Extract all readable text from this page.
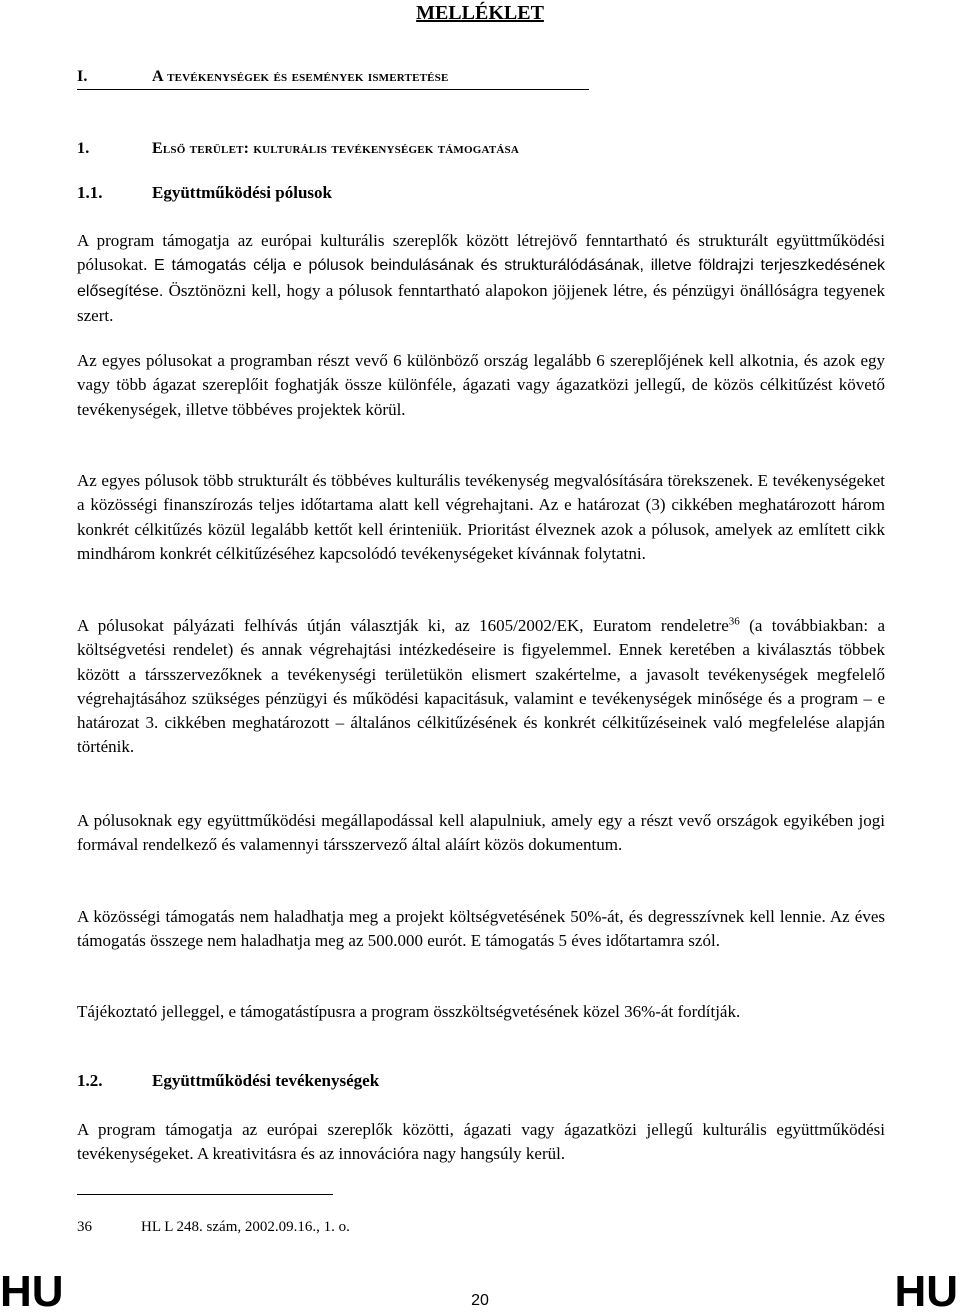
MELLÉKLET
I.	A tevékenységek és események ismertetése
1.	Első terület: kulturális tevékenységek támogatása
1.1.	Együttműködési pólusok

A program támogatja az európai kulturális szereplők között létrejövő fenntartható és strukturált együttműködési pólusokat. E támogatás célja e pólusok beindulásának és strukturálódásának, illetve földrajzi terjeszkedésének elősegítése. Ösztönözni kell, hogy a pólusok fenntartható alapokon jöjjenek létre, és pénzügyi önállóságra tegyenek szert.

Az egyes pólusokat a programban részt vevő 6 különböző ország legalább 6 szereplőjének kell alkotnia, és azok egy vagy több ágazat szereplőit foghatják össze különféle, ágazati vagy ágazatközi jellegű, de közös célkitűzést követő tevékenységek, illetve többéves projektek körül.

Az egyes pólusok több strukturált és többéves kulturális tevékenység megvalósítására törekszenek. E tevékenységeket a közösségi finanszírozás teljes időtartama alatt kell végrehajtani. Az e határozat (3) cikkében meghatározott három konkrét célkitűzés közül legalább kettőt kell érinteniük. Prioritást élveznek azok a pólusok, amelyek az említett cikk mindhárom konkrét célkitűzéséhez kapcsolódó tevékenységeket kívánnak folytatni.

A pólusokat pályázati felhívás útján választják ki, az 1605/2002/EK, Euratom rendeletre$^{36}$ (a továbbiakban: a költségvetési rendelet) és annak végrehajtási intézkedéseire is figyelemmel. Ennek keretében a kiválasztás többek között a társszervezőknek a tevékenységi területükön elismert szakértelme, a javasolt tevékenységek megfelelő végrehajtásához szükséges pénzügyi és működési kapacitásuk, valamint e tevékenységek minősége és a program – e határozat 3. cikkében meghatározott – általános célkitűzésének és konkrét célkitűzéseinek való megfelelése alapján történik.

A pólusoknak egy együttműködési megállapodással kell alapulniuk, amely egy a részt vevő országok egyikében jogi formával rendelkező és valamennyi társszervező által aláírt közös dokumentum.

A közösségi támogatás nem haladhatja meg a projekt költségvetésének 50%-át, és degresszívnek kell lennie. Az éves támogatás összege nem haladhatja meg az 500.000 eurót. E támogatás 5 éves időtartamra szól.

Tájékoztató jelleggel, e támogatástípusra a program összköltségvetésének közel 36%-át fordítják.

1.2.	Együttműködési tevékenységek

A program támogatja az európai szereplők közötti, ágazati vagy ágazatközi jellegű kulturális együttműködési tevékenységeket. A kreativitásra és az innovációra nagy hangsúly kerül.

36	HL L 248. szám, 2002.09.16., 1. o.
HU	20	HU
